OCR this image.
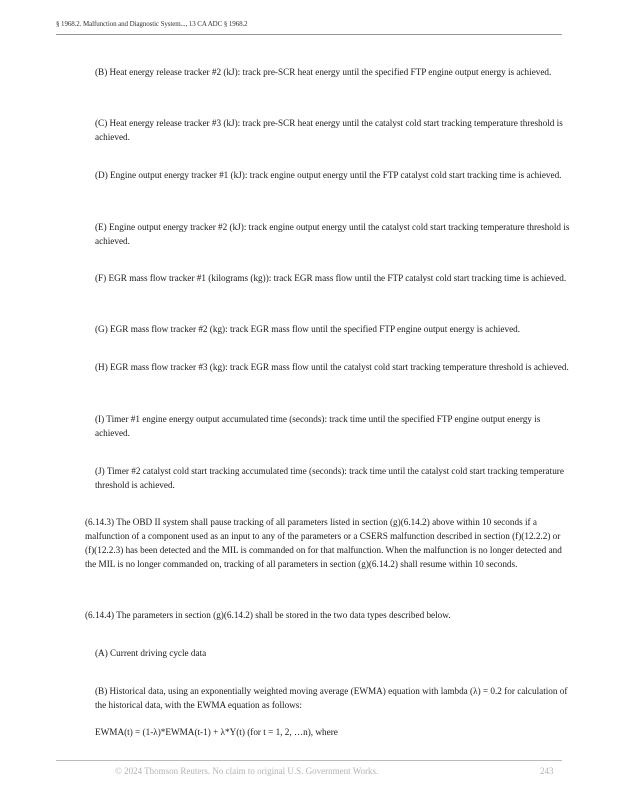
§ 1968.2. Malfunction and Diagnostic System..., 13 CA ADC § 1968.2

(B) Heat energy release tracker #2 (kJ): track pre-SCR heat energy until the specified FTP engine output energy is achieved.

(C) Heat energy release tracker #3 (kJ): track pre-SCR heat energy until the catalyst cold start tracking temperature threshold is achieved.

(D) Engine output energy tracker #1 (kJ): track engine output energy until the FTP catalyst cold start tracking time is achieved.

(E) Engine output energy tracker #2 (kJ): track engine output energy until the catalyst cold start tracking temperature threshold is achieved.

(F) EGR mass flow tracker #1 (kilograms (kg)): track EGR mass flow until the FTP catalyst cold start tracking time is achieved.

(G) EGR mass flow tracker #2 (kg): track EGR mass flow until the specified FTP engine output energy is achieved.

(H) EGR mass flow tracker #3 (kg): track EGR mass flow until the catalyst cold start tracking temperature threshold is achieved.

(I) Timer #1 engine energy output accumulated time (seconds): track time until the specified FTP engine output energy is achieved.

(J) Timer #2 catalyst cold start tracking accumulated time (seconds): track time until the catalyst cold start tracking temperature threshold is achieved.

(6.14.3) The OBD II system shall pause tracking of all parameters listed in section (g)(6.14.2) above within 10 seconds if a malfunction of a component used as an input to any of the parameters or a CSERS malfunction described in section (f)(12.2.2) or (f)(12.2.3) has been detected and the MIL is commanded on for that malfunction. When the malfunction is no longer detected and the MIL is no longer commanded on, tracking of all parameters in section (g)(6.14.2) shall resume within 10 seconds.

(6.14.4) The parameters in section (g)(6.14.2) shall be stored in the two data types described below.

(A) Current driving cycle data

(B) Historical data, using an exponentially weighted moving average (EWMA) equation with lambda (λ) = 0.2 for calculation of the historical data, with the EWMA equation as follows:

EWMA(t) = (1-λ)*EWMA(t-1) + λ*Y(t) (for t = 1, 2, …n), where

© 2024 Thomson Reuters. No claim to original U.S. Government Works.	243
